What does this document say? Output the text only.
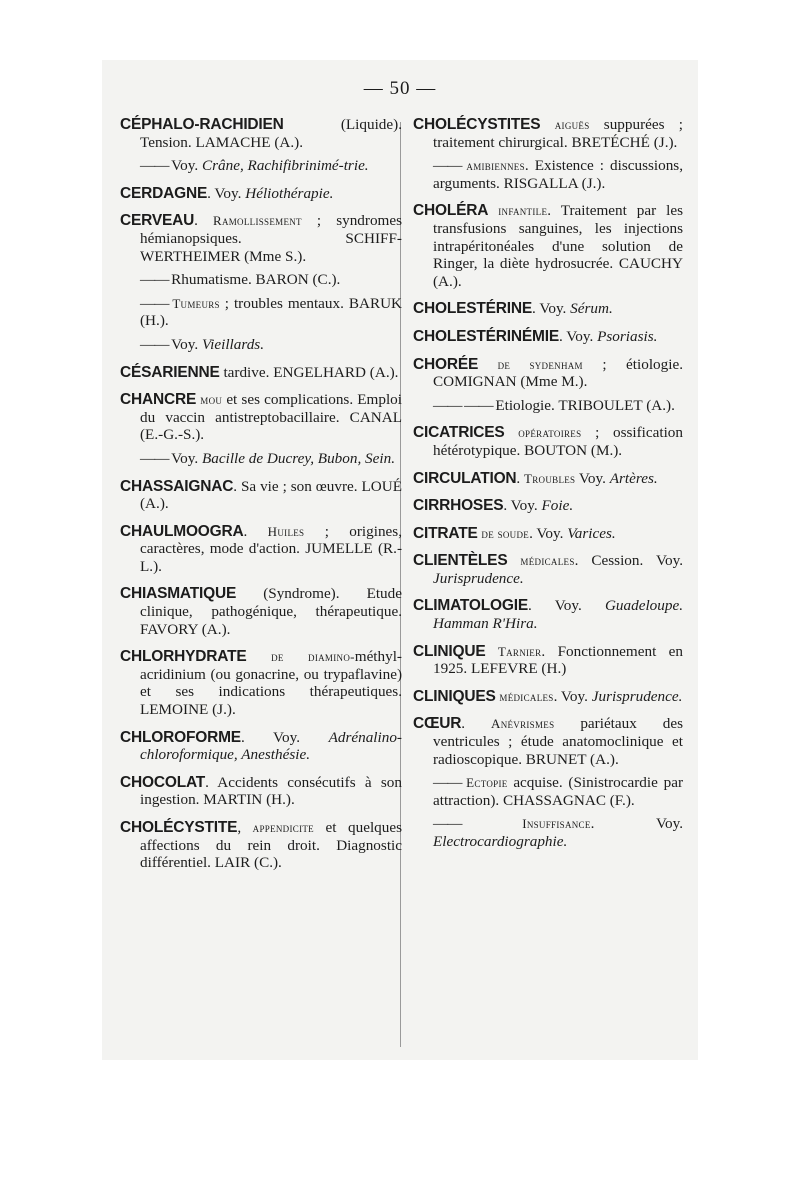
— 50 —

CÉPHALO-RACHIDIEN (Liquide). Tension. LAMACHE (A.).

—— Voy. Crâne, Rachifibrinimé-trie.

CERDAGNE. Voy. Héliothérapie.

CERVEAU. Ramollissement ; syndromes hémianopsiques. SCHIFF-WERTHEIMER (Mme S.).

—— Rhumatisme. BARON (C.).

—— Tumeurs ; troubles mentaux. BARUK (H.).

—— Voy. Vieillards.

CÉSARIENNE tardive. ENGELHARD (A.).

CHANCRE mou et ses complications. Emploi du vaccin antistreptobacillaire. CANAL (E.-G.-S.).

—— Voy. Bacille de Ducrey, Bubon, Sein.

CHASSAIGNAC. Sa vie ; son œuvre. LOUÉ (A.).

CHAULMOOGRA. Huiles ; origines, caractères, mode d'action. JUMELLE (R.-L.).

CHIASMATIQUE (Syndrome). Etude clinique, pathogénique, thérapeutique. FAVORY (A.).

CHLORHYDRATE de diamino-méthyl-acridinium (ou gonacrine, ou trypaflavine) et ses indications thérapeutiques. LEMOINE (J.).

CHLOROFORME. Voy. Adrénalino-chloroformique, Anesthésie.

CHOCOLAT. Accidents consécutifs à son ingestion. MARTIN (H.).

CHOLÉCYSTITE, appendicite et quelques affections du rein droit. Diagnostic différentiel. LAIR (C.).

CHOLÉCYSTITES aiguës suppurées ; traitement chirurgical. BRETÉCHÉ (J.).

—— amibiennes. Existence : discussions, arguments. RISGALLA (J.).

CHOLÉRA infantile. Traitement par les transfusions sanguines, les injections intrapéritonéales d'une solution de Ringer, la diète hydrosucrée. CAUCHY (A.).

CHOLESTÉRINE. Voy. Sérum.

CHOLESTÉRINÉMIE. Voy. Psoriasis.

CHORÉE de sydenham ; étiologie. COMIGNAN (Mme M.).

—— —— Etiologie. TRIBOULET (A.).

CICATRICES opératoires ; ossification hétérotypique. BOUTON (M.).

CIRCULATION. Troubles Voy. Artères.

CIRRHOSES. Voy. Foie.

CITRATE de soude. Voy. Varices.

CLIENTÈLES médicales. Cession. Voy. Jurisprudence.

CLIMATOLOGIE. Voy. Guadeloupe. Hamman R'Hira.

CLINIQUE Tarnier. Fonctionnement en 1925. LEFEVRE (H.)

CLINIQUES médicales. Voy. Jurisprudence.

CŒUR. Anévrismes pariétaux des ventricules ; étude anatomoclinique et radioscopique. BRUNET (A.).

—— Ectopie acquise. (Sinistrocardie par attraction). CHASSAGNAC (F.).

—— Insuffisance. Voy. Electrocardiographie.
